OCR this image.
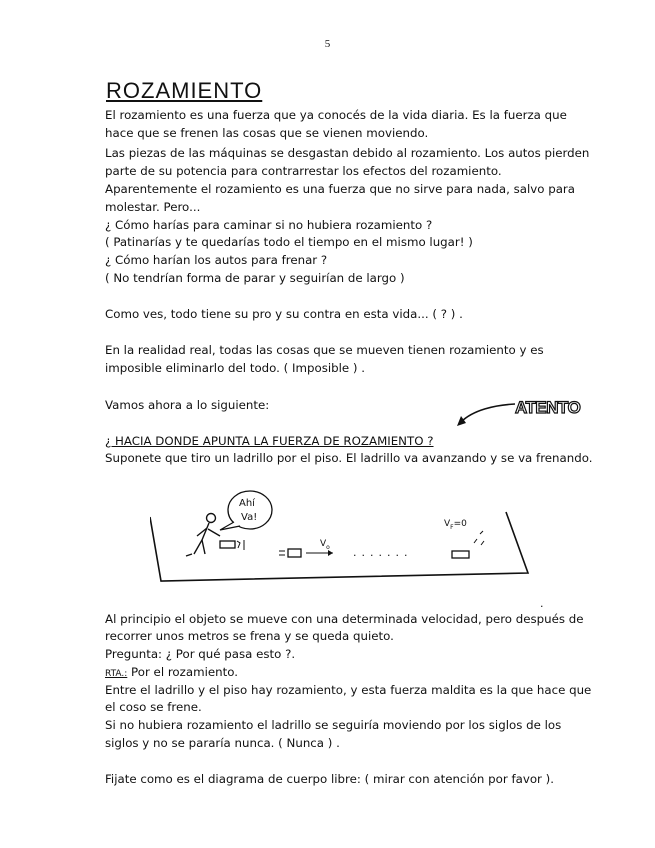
5
ROZAMIENTO
El rozamiento es una fuerza que ya conocés de la vida diaria. Es la fuerza que
hace que se frenen las cosas que se vienen moviendo.
Las piezas de las máquinas se desgastan debido al rozamiento. Los autos pierden
parte de su potencia para contrarrestar los efectos del rozamiento.
Aparentemente el rozamiento es una fuerza que no sirve para nada, salvo para
molestar. Pero...
¿ Cómo harías para caminar si no hubiera rozamiento ?
( Patinarías y te quedarías todo el tiempo en el mismo lugar! )
¿ Cómo harían los autos para frenar ?
( No tendrían forma de parar y seguirían de largo )
Como ves, todo tiene su pro y su contra en esta vida... ( ? ) .
En la realidad real, todas las cosas que se mueven tienen rozamiento y es
imposible eliminarlo del todo. ( Imposible ) .
Vamos ahora a lo siguiente:	ATENTO
¿ HACIA DONDE APUNTA LA FUERZA DE ROZAMIENTO ?
Suponete que tiro un ladrillo por el piso. El ladrillo va avanzando y se va frenando.
Ahí
Va!
$V_o$ .......
$V_F=0$
.
Al principio el objeto se mueve con una determinada velocidad, pero después de
recorrer unos metros se frena y se queda quieto.
Pregunta: ¿ Por qué pasa esto ?.
RTA.: Por el rozamiento.
Entre el ladrillo y el piso hay rozamiento, y esta fuerza maldita es la que hace que
el coso se frene.
Si no hubiera rozamiento el ladrillo se seguiría moviendo por los siglos de los
siglos y no se pararía nunca. ( Nunca ) .
Fijate como es el diagrama de cuerpo libre: ( mirar con atención por favor ).
